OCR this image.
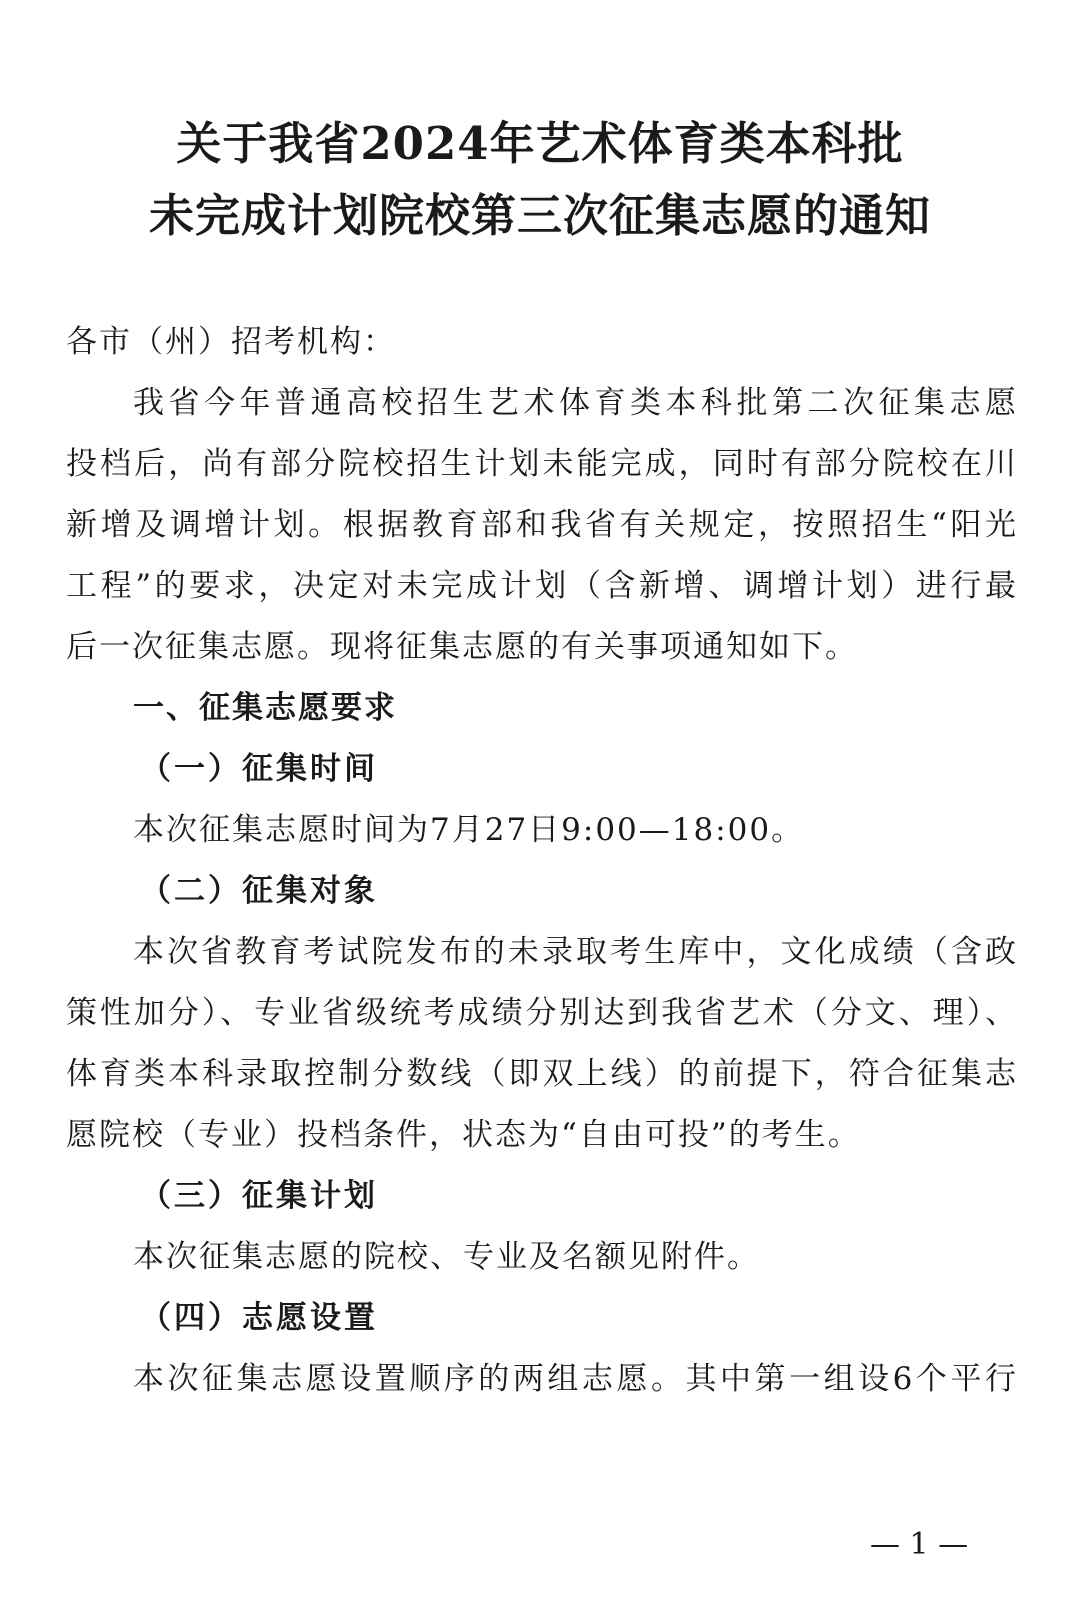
关于我省2024年艺术体育类本科批
未完成计划院校第三次征集志愿的通知
各市（州）招考机构：
我省今年普通高校招生艺术体育类本科批第二次征集志愿
投档后，尚有部分院校招生计划未能完成，同时有部分院校在川
新增及调增计划。根据教育部和我省有关规定，按照招生“阳光
工程”的要求，决定对未完成计划（含新增、调增计划）进行最
后一次征集志愿。现将征集志愿的有关事项通知如下。
一、征集志愿要求
（一）征集时间
本次征集志愿时间为7月27日9:00—18:00。
（二）征集对象
本次省教育考试院发布的未录取考生库中，文化成绩（含政
策性加分）、专业省级统考成绩分别达到我省艺术（分文、理）、
体育类本科录取控制分数线（即双上线）的前提下，符合征集志
愿院校（专业）投档条件，状态为“自由可投”的考生。
（三）征集计划
本次征集志愿的院校、专业及名额见附件。
（四）志愿设置
本次征集志愿设置顺序的两组志愿。其中第一组设6个平行
— 1 —
